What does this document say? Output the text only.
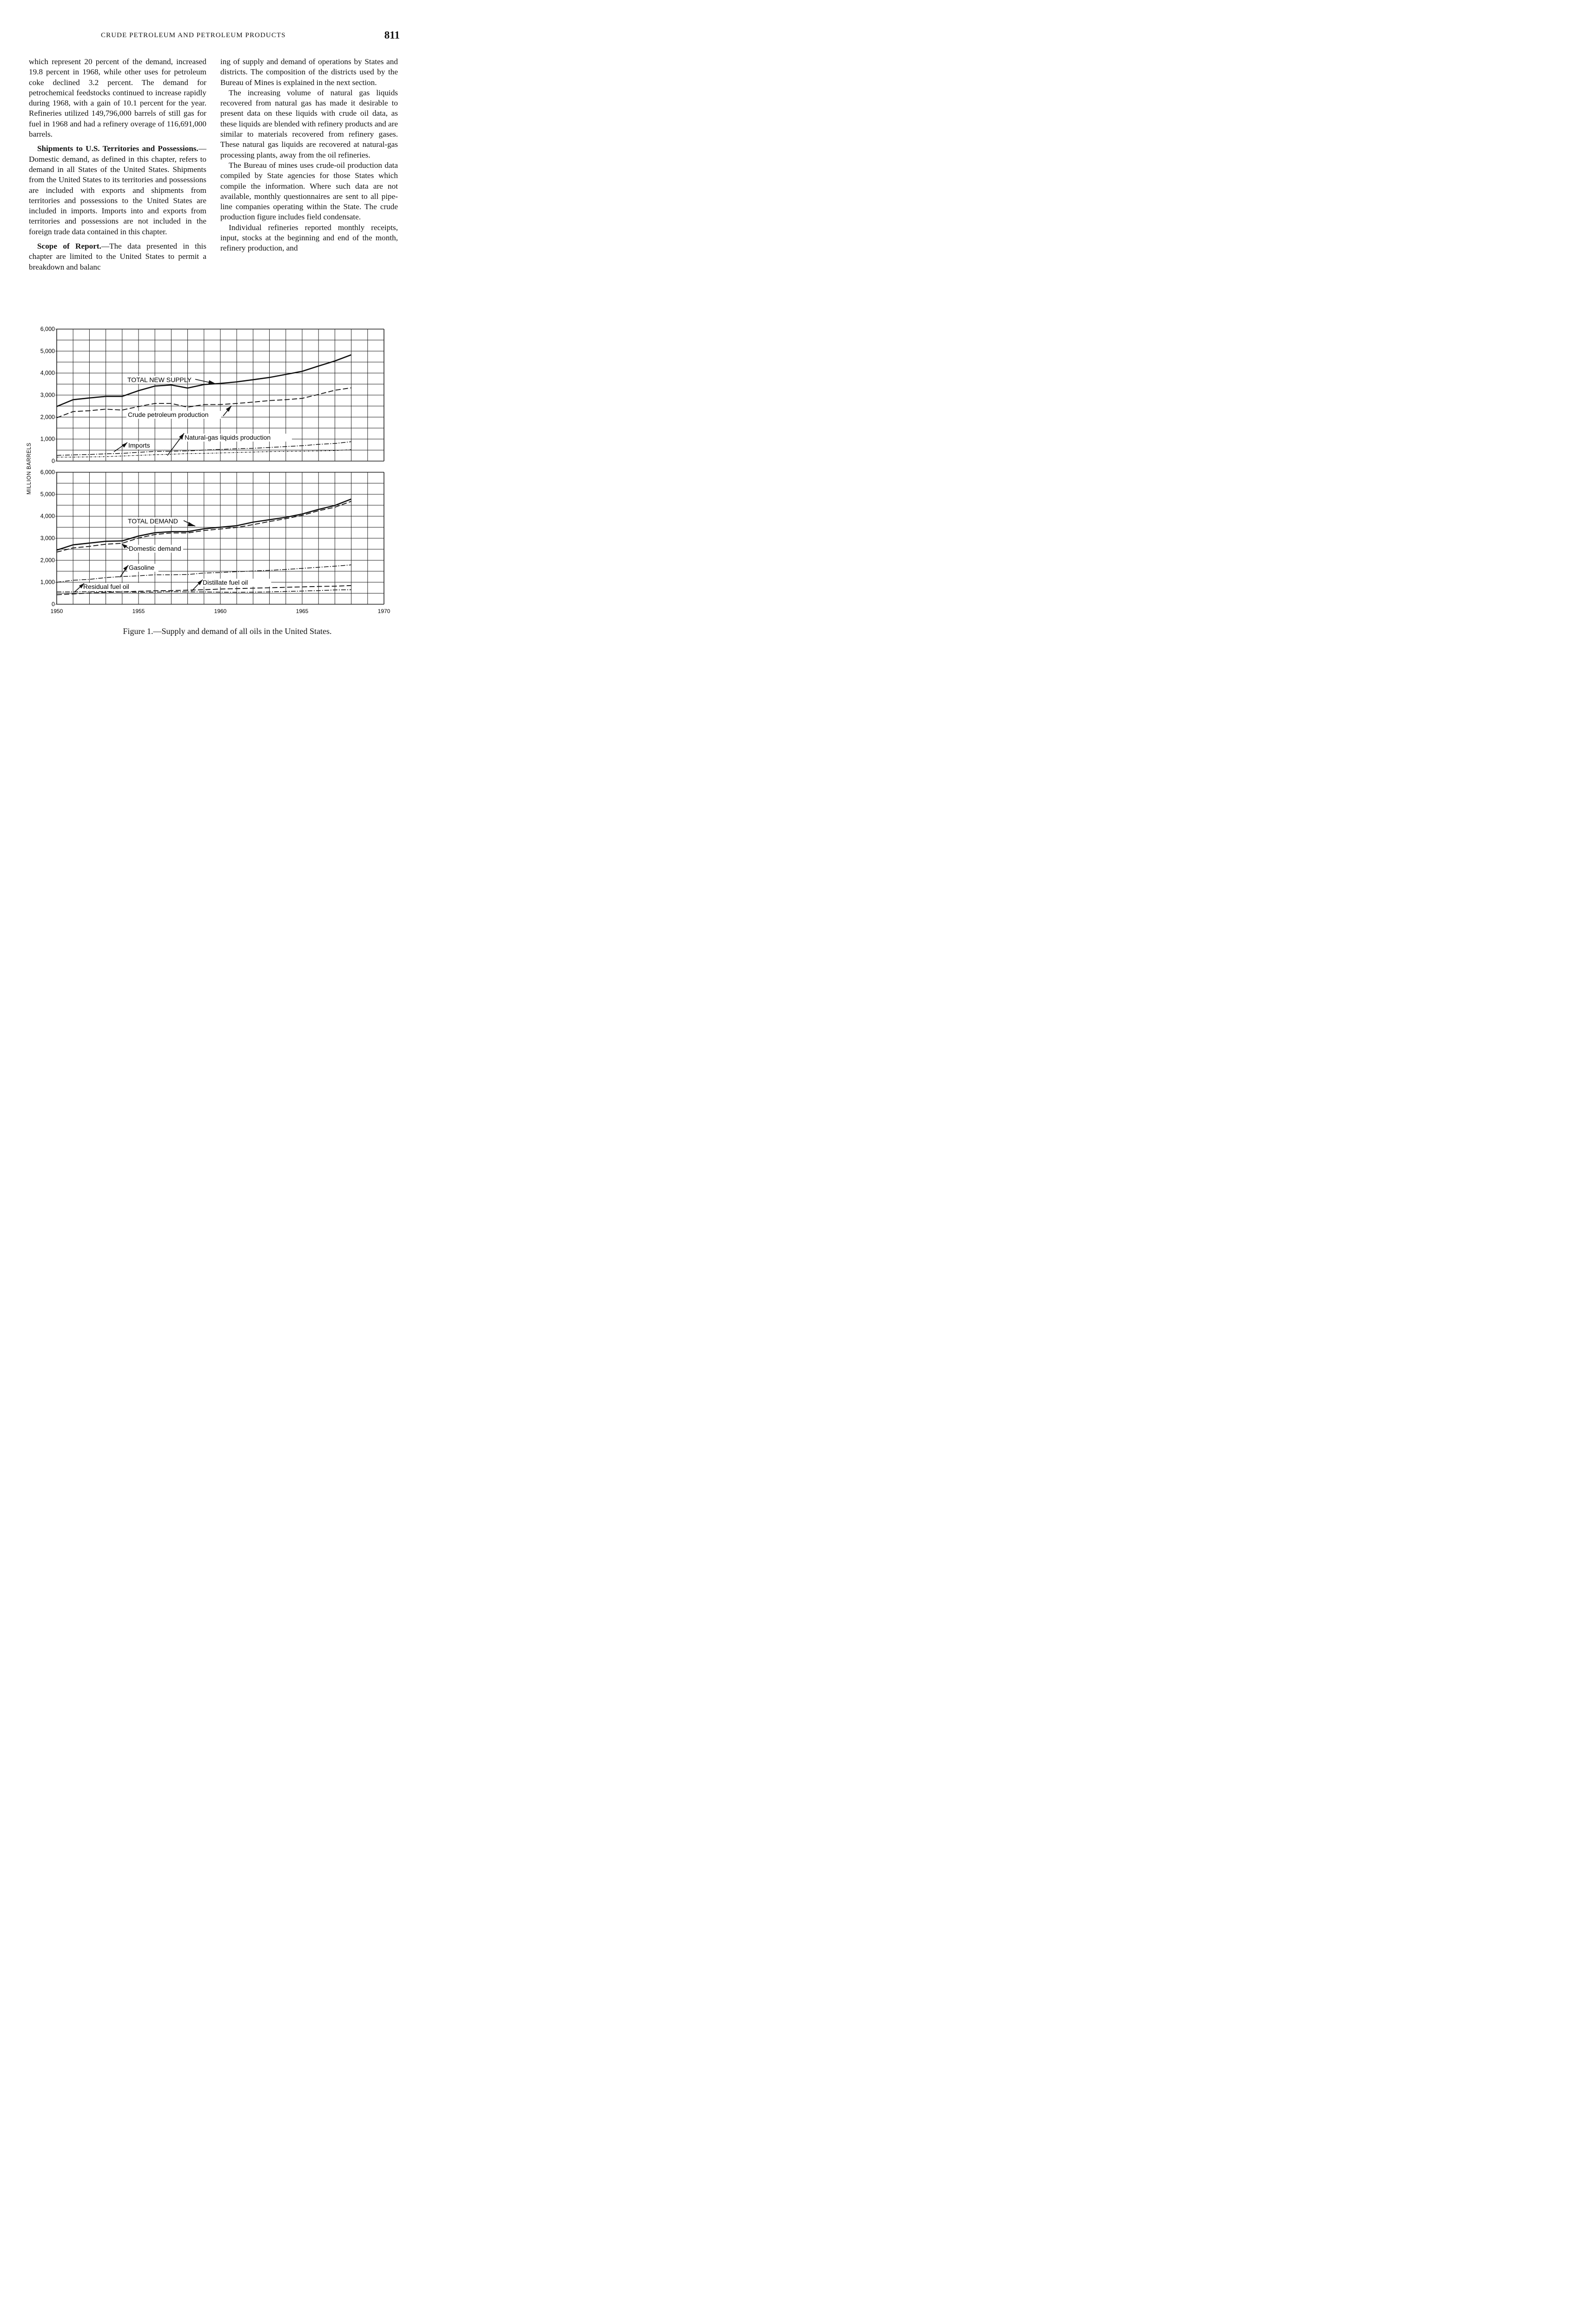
CRUDE PETROLEUM AND PETROLEUM PRODUCTS	811

which represent 20 percent of the demand, increased 19.8 percent in 1968, while other uses for petroleum coke declined 3.2 percent. The demand for petrochemical feedstocks continued to increase rapidly during 1968, with a gain of 10.1 percent for the year. Refineries utilized 149,796,000 barrels of still gas for fuel in 1968 and had a refinery overage of 116,691,000 barrels.

Shipments to U.S. Territories and Possessions.—Domestic demand, as defined in this chapter, refers to demand in all States of the United States. Shipments from the United States to its territories and possessions are included with exports and shipments from territories and possessions to the United States are included in imports. Imports into and exports from territories and possessions are not included in the foreign trade data contained in this chapter.

Scope of Report.—The data presented in this chapter are limited to the United States to permit a breakdown and balanc

ing of supply and demand of operations by States and districts. The composition of the districts used by the Bureau of Mines is explained in the next section.

The increasing volume of natural gas liquids recovered from natural gas has made it desirable to present data on these liquids with crude oil data, as these liquids are blended with refinery products and are similar to materials recovered from refinery gases. These natural gas liquids are recovered at natural-gas processing plants, away from the oil refineries.

The Bureau of mines uses crude-oil production data compiled by State agencies for those States which compile the information. Where such data are not available, monthly questionnaires are sent to all pipeline companies operating within the State. The crude production figure includes field condensate.

Individual refineries reported monthly receipts, input, stocks at the beginning and end of the month, refinery production, and

0
1,000
2,000
3,000
4,000
5,000
6,000
TOTAL NEW SUPPLY
Crude petroleum production
Natural-gas liquids production
Imports
0
1,000
2,000
3,000
4,000
5,000
6,000
1950	1955	1960	1965	1970
TOTAL DEMAND
Domestic demand
Gasoline
Residual fuel oil
Distillate fuel oil
MILLION BARRELS
Figure 1.—Supply and demand of all oils in the United States.
